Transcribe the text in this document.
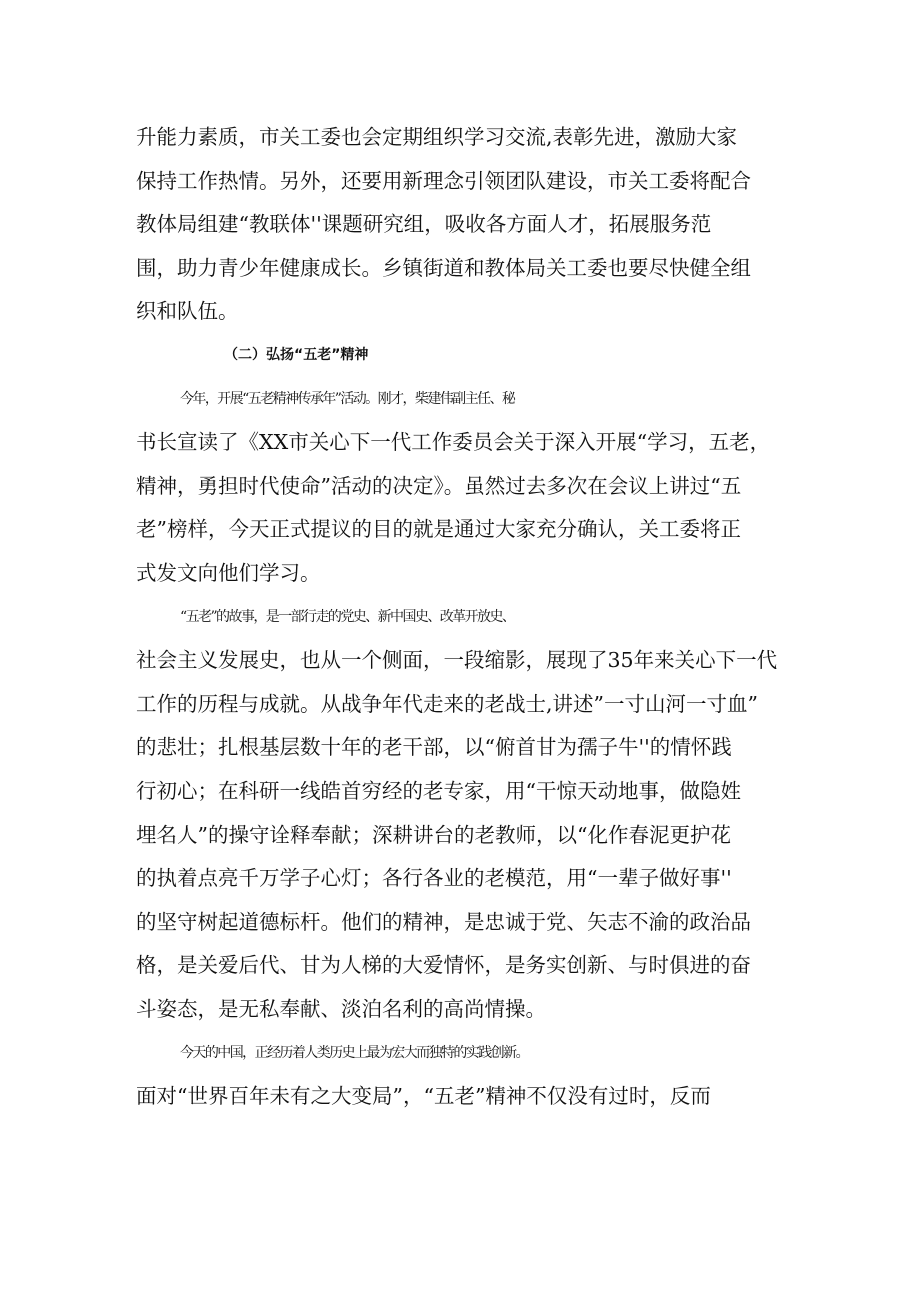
升能力素质，市关工委也会定期组织学习交流,表彰先进，激励大家
保持工作热情。另外，还要用新理念引领团队建设，市关工委将配合
教体局组建“教联体''课题研究组，吸收各方面人才，拓展服务范
围，助力青少年健康成长。乡镇街道和教体局关工委也要尽快健全组
织和队伍。
（二）弘扬“五老”精神
今年，开展“五老精神传承年”活动。刚才，柴建伟副主任、秘
书长宣读了《XX市关心下一代工作委员会关于深入开展“学习，五老，
精神，勇担时代使命”活动的决定》。虽然过去多次在会议上讲过“五
老”榜样，今天正式提议的目的就是通过大家充分确认，关工委将正
式发文向他们学习。
“五老”的故事，是一部行走的党史、新中国史、改革开放史、
社会主义发展史，也从一个侧面，一段缩影，展现了35年来关心下一代
工作的历程与成就。从战争年代走来的老战士,讲述”一寸山河一寸血”
的悲壮；扎根基层数十年的老干部，以“俯首甘为孺子牛''的情怀践
行初心；在科研一线皓首穷经的老专家，用“干惊天动地事，做隐姓
埋名人”的操守诠释奉献；深耕讲台的老教师，以“化作春泥更护花
的执着点亮千万学子心灯；各行各业的老模范，用“一辈子做好事''
的坚守树起道德标杆。他们的精神，是忠诚于党、矢志不渝的政治品
格，是关爱后代、甘为人梯的大爱情怀，是务实创新、与时俱进的奋
斗姿态，是无私奉献、淡泊名利的高尚情操。
今天的中国，正经历着人类历史上最为宏大而独特的实践创新。
面对“世界百年未有之大变局”，“五老”精神不仅没有过时，反而
